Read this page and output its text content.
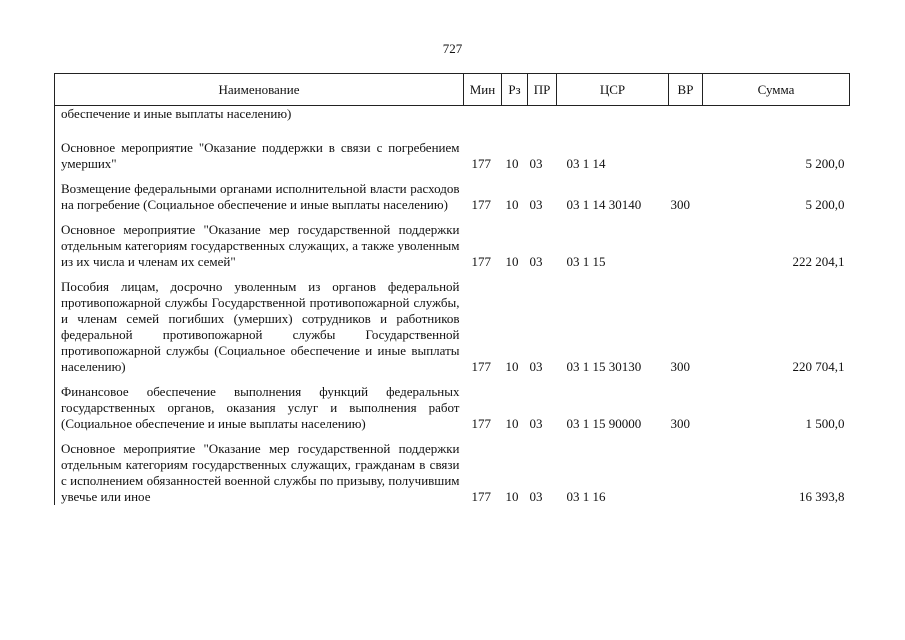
727
Наименование	Мин	Рз	ПР	ЦСР	ВР	Сумма
обеспечение и иные выплаты населению)						

Основное мероприятие "Оказание поддержки в связи с погребением умерших"	177	10	03	03 1 14		5 200,0

Возмещение федеральными органами исполнительной власти расходов на погребение (Социальное обеспечение и иные выплаты населению)	177	10	03	03 1 14 30140	300	5 200,0

Основное мероприятие "Оказание мер государственной поддержки отдельным категориям государственных служащих, а также уволенным из их числа и членам их семей"	177	10	03	03 1 15		222 204,1

Пособия лицам, досрочно уволенным из органов федеральной противопожарной службы Государственной противопожарной службы, и членам семей погибших (умерших) сотрудников и работников федеральной противопожарной службы Государственной противопожарной службы (Социальное обеспечение и иные выплаты населению)	177	10	03	03 1 15 30130	300	220 704,1

Финансовое обеспечение выполнения функций федеральных государственных органов, оказания услуг и выполнения работ (Социальное обеспечение и иные выплаты населению)	177	10	03	03 1 15 90000	300	1 500,0

Основное мероприятие "Оказание мер государственной поддержки отдельным категориям государственных служащих, гражданам в связи с исполнением обязанностей военной службы по призыву, получившим увечье или иное	177	10	03	03 1 16		16 393,8
